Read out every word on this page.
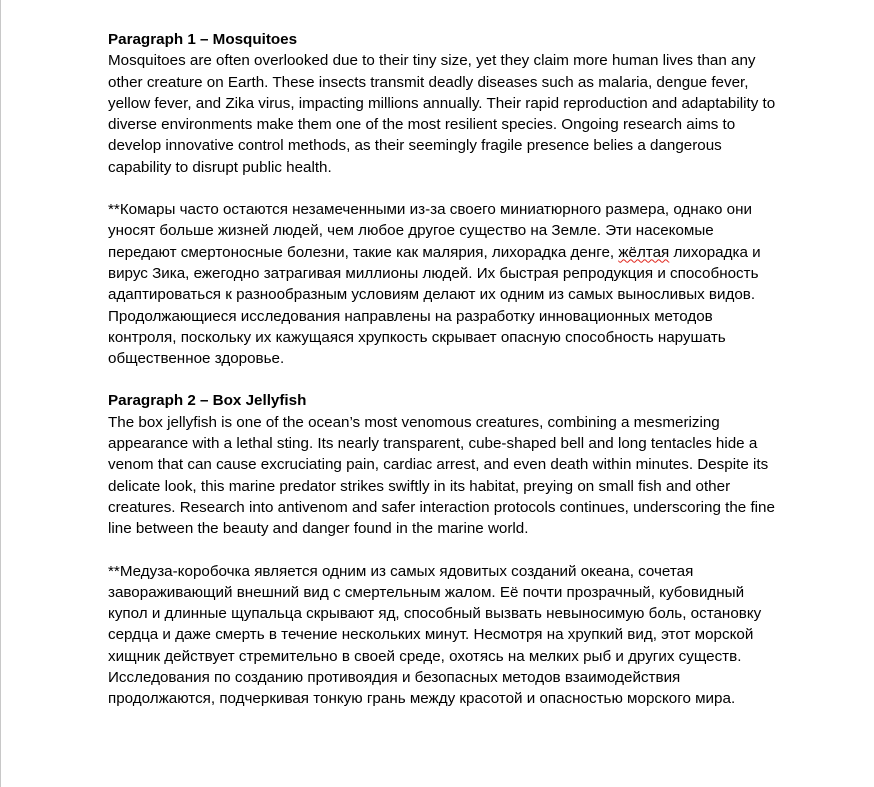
Paragraph 1 – Mosquitoes

Mosquitoes are often overlooked due to their tiny size, yet they claim more human lives than any other creature on Earth. These insects transmit deadly diseases such as malaria, dengue fever, yellow fever, and Zika virus, impacting millions annually. Their rapid reproduction and adaptability to diverse environments make them one of the most resilient species. Ongoing research aims to develop innovative control methods, as their seemingly fragile presence belies a dangerous capability to disrupt public health.

**Комары часто остаются незамеченными из-за своего миниатюрного размера, однако они уносят больше жизней людей, чем любое другое существо на Земле. Эти насекомые передают смертоносные болезни, такие как малярия, лихорадка денге, жёлтая лихорадка и вирус Зика, ежегодно затрагивая миллионы людей. Их быстрая репродукция и способность адаптироваться к разнообразным условиям делают их одним из самых выносливых видов. Продолжающиеся исследования направлены на разработку инновационных методов контроля, поскольку их кажущаяся хрупкость скрывает опасную способность нарушать общественное здоровье.

Paragraph 2 – Box Jellyfish

The box jellyfish is one of the ocean’s most venomous creatures, combining a mesmerizing appearance with a lethal sting. Its nearly transparent, cube-shaped bell and long tentacles hide a venom that can cause excruciating pain, cardiac arrest, and even death within minutes. Despite its delicate look, this marine predator strikes swiftly in its habitat, preying on small fish and other creatures. Research into antivenom and safer interaction protocols continues, underscoring the fine line between the beauty and danger found in the marine world.

**Медуза-коробочка является одним из самых ядовитых созданий океана, сочетая завораживающий внешний вид с смертельным жалом. Её почти прозрачный, кубовидный купол и длинные щупальца скрывают яд, способный вызвать невыносимую боль, остановку сердца и даже смерть в течение нескольких минут. Несмотря на хрупкий вид, этот морской хищник действует стремительно в своей среде, охотясь на мелких рыб и других существ. Исследования по созданию противоядия и безопасных методов взаимодействия продолжаются, подчеркивая тонкую грань между красотой и опасностью морского мира.
